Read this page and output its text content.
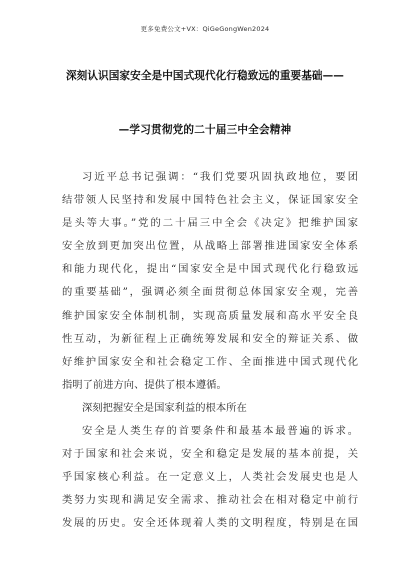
更多免费公文+VX：QiGeGongWen2024
深刻认识国家安全是中国式现代化行稳致远的重要基础——
—学习贯彻党的二十届三中全会精神
习近平总书记强调：“我们党要巩固执政地位，要团
结带领人民坚持和发展中国特色社会主义，保证国家安全
是头等大事。”党的二十届三中全会《决定》把维护国家
安全放到更加突出位置，从战略上部署推进国家安全体系
和能力现代化，提出“国家安全是中国式现代化行稳致远
的重要基础”，强调必须全面贯彻总体国家安全观，完善
维护国家安全体制机制，实现高质量发展和高水平安全良
性互动，为新征程上正确统筹发展和安全的辩证关系、做
好维护国家安全和社会稳定工作、全面推进中国式现代化
指明了前进方向、提供了根本遵循。
深刻把握安全是国家利益的根本所在
安全是人类生存的首要条件和最基本最普遍的诉求。
对于国家和社会来说，安全和稳定是发展的基本前提，关
乎国家核心利益。在一定意义上，人类社会发展史也是人
类努力实现和满足安全需求、推动社会在相对稳定中前行
发展的历史。安全还体现着人类的文明程度，特别是在国
